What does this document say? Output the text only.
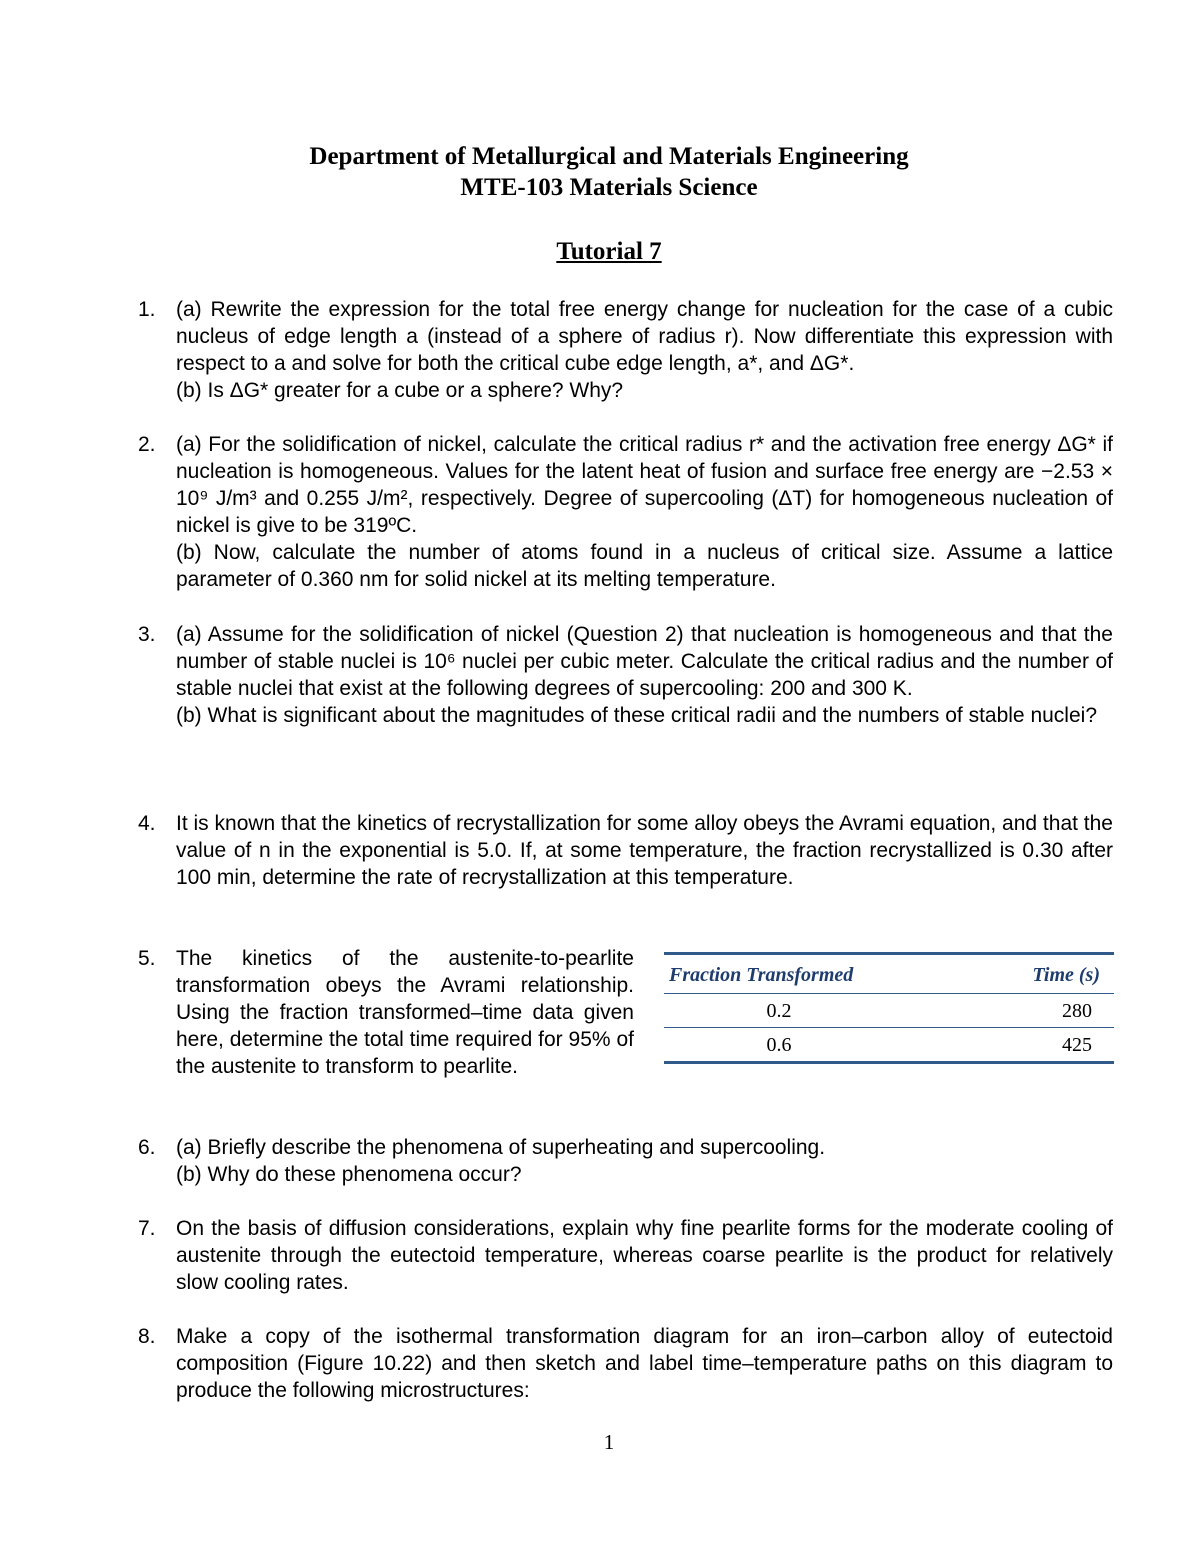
Department of Metallurgical and Materials Engineering
MTE-103 Materials Science
Tutorial 7
1. (a) Rewrite the expression for the total free energy change for nucleation for the case of a cubic nucleus of edge length a (instead of a sphere of radius r). Now differentiate this expression with respect to a and solve for both the critical cube edge length, a*, and ΔG*.

(b) Is ΔG* greater for a cube or a sphere? Why?

2. (a) For the solidification of nickel, calculate the critical radius r* and the activation free energy ΔG* if nucleation is homogeneous. Values for the latent heat of fusion and surface free energy are −2.53 × 10⁹ J/m³ and 0.255 J/m², respectively. Degree of supercooling (ΔT) for homogeneous nucleation of nickel is give to be 319ºC.

(b) Now, calculate the number of atoms found in a nucleus of critical size. Assume a lattice parameter of 0.360 nm for solid nickel at its melting temperature.

3. (a) Assume for the solidification of nickel (Question 2) that nucleation is homogeneous and that the number of stable nuclei is 10⁶ nuclei per cubic meter. Calculate the critical radius and the number of stable nuclei that exist at the following degrees of supercooling: 200 and 300 K.

(b) What is significant about the magnitudes of these critical radii and the numbers of stable nuclei?

4. It is known that the kinetics of recrystallization for some alloy obeys the Avrami equation, and that the value of n in the exponential is 5.0. If, at some temperature, the fraction recrystallized is 0.30 after 100 min, determine the rate of recrystallization at this temperature.

5. The kinetics of the austenite-to-pearlite transformation obeys the Avrami relationship. Using the fraction transformed–time data given here, determine the total time required for 95% of the austenite to transform to pearlite.

Fraction Transformed	Time (s)
0.2	280
0.6	425
6. (a) Briefly describe the phenomena of superheating and supercooling.

(b) Why do these phenomena occur?

7. On the basis of diffusion considerations, explain why fine pearlite forms for the moderate cooling of austenite through the eutectoid temperature, whereas coarse pearlite is the product for relatively slow cooling rates.

8. Make a copy of the isothermal transformation diagram for an iron–carbon alloy of eutectoid composition (Figure 10.22) and then sketch and label time–temperature paths on this diagram to produce the following microstructures:

1
